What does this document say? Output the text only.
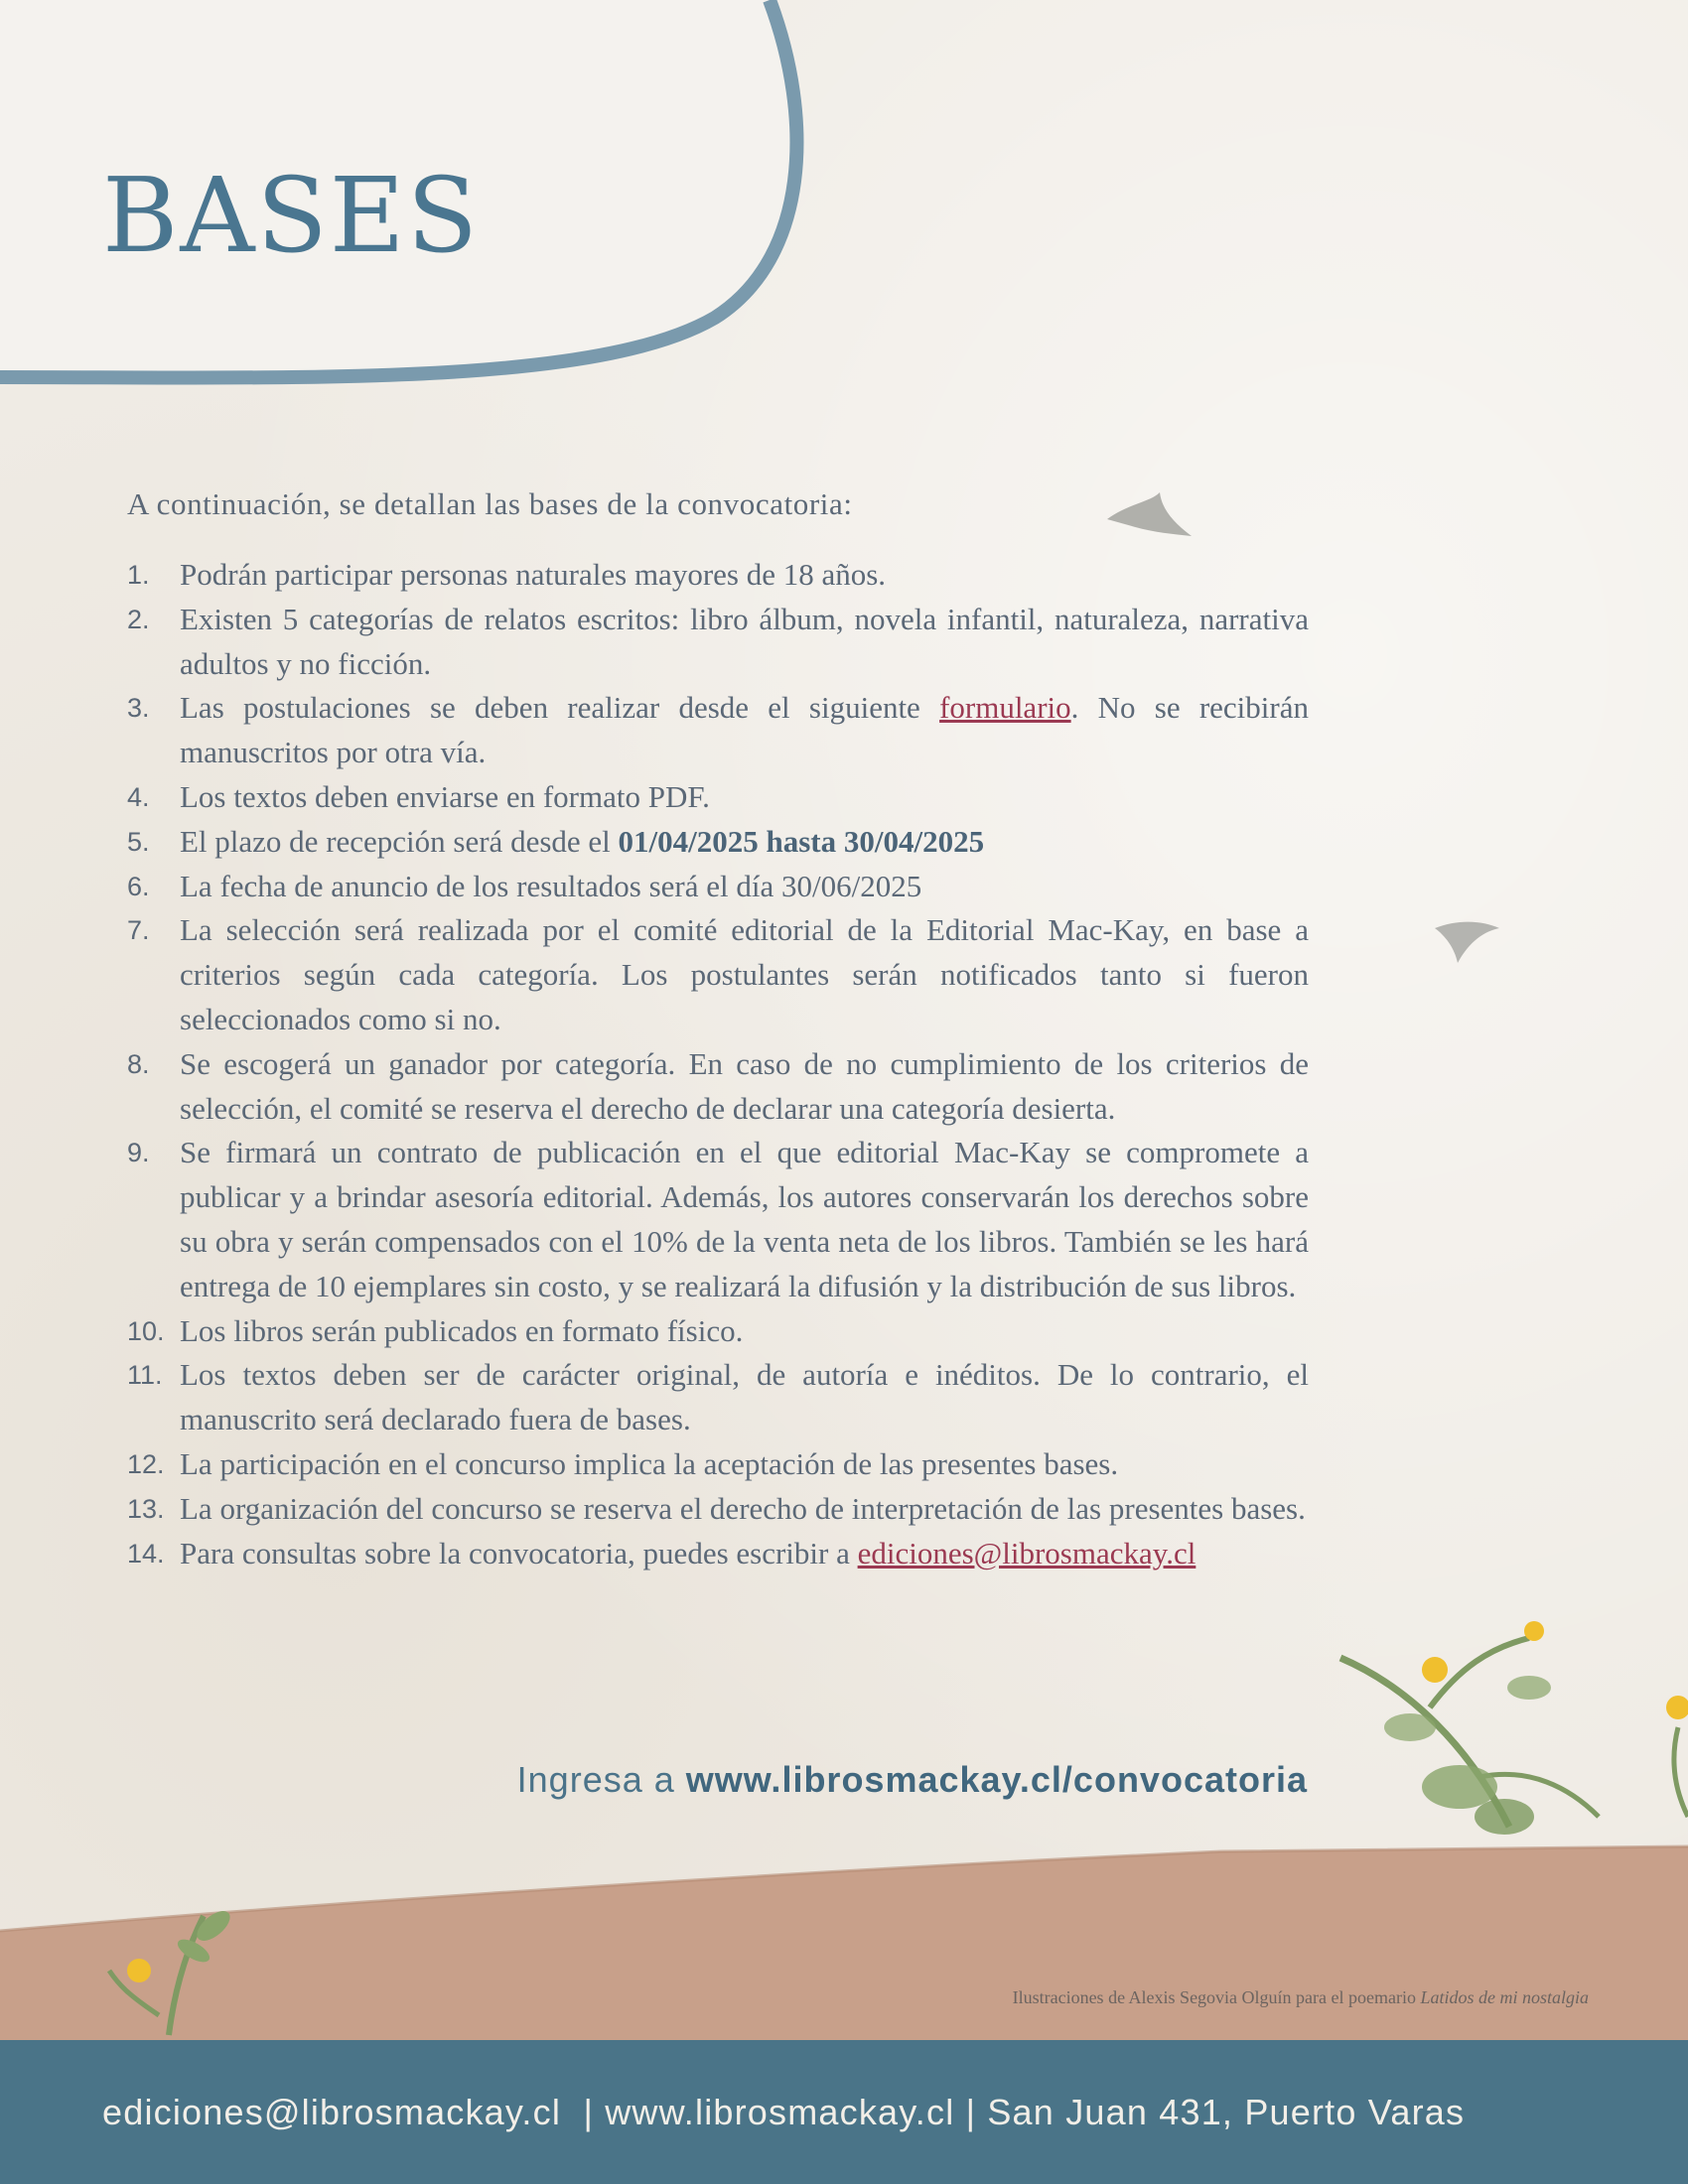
BASES

A continuación, se detallan las bases de la convocatoria:

1. Podrán participar personas naturales mayores de 18 años.
2. Existen 5 categorías de relatos escritos: libro álbum, novela infantil, naturaleza, narrativa adultos y no ficción.
3. Las postulaciones se deben realizar desde el siguiente formulario. No se recibirán manuscritos por otra vía.
4. Los textos deben enviarse en formato PDF.
5. El plazo de recepción será desde el 01/04/2025 hasta 30/04/2025
6. La fecha de anuncio de los resultados será el día 30/06/2025
7. La selección será realizada por el comité editorial de la Editorial Mac-Kay, en base a criterios según cada categoría. Los postulantes serán notificados tanto si fueron seleccionados como si no.
8. Se escogerá un ganador por categoría. En caso de no cumplimiento de los criterios de selección, el comité se reserva el derecho de declarar una categoría desierta.
9. Se firmará un contrato de publicación en el que editorial Mac-Kay se compromete a publicar y a brindar asesoría editorial. Además, los autores conservarán los derechos sobre su obra y serán compensados con el 10% de la venta neta de los libros. También se les hará entrega de 10 ejemplares sin costo, y se realizará la difusión y la distribución de sus libros.
10. Los libros serán publicados en formato físico.
11. Los textos deben ser de carácter original, de autoría e inéditos. De lo contrario, el manuscrito será declarado fuera de bases.
12. La participación en el concurso implica la aceptación de las presentes bases.
13. La organización del concurso se reserva el derecho de interpretación de las presentes bases.
14. Para consultas sobre la convocatoria, puedes escribir a ediciones@librosmackay.cl

Ingresa a www.librosmackay.cl/convocatoria

Ilustraciones de Alexis Segovia Olguín para el poemario Latidos de mi nostalgia

ediciones@librosmackay.cl  | www.librosmackay.cl | San Juan 431, Puerto Varas
